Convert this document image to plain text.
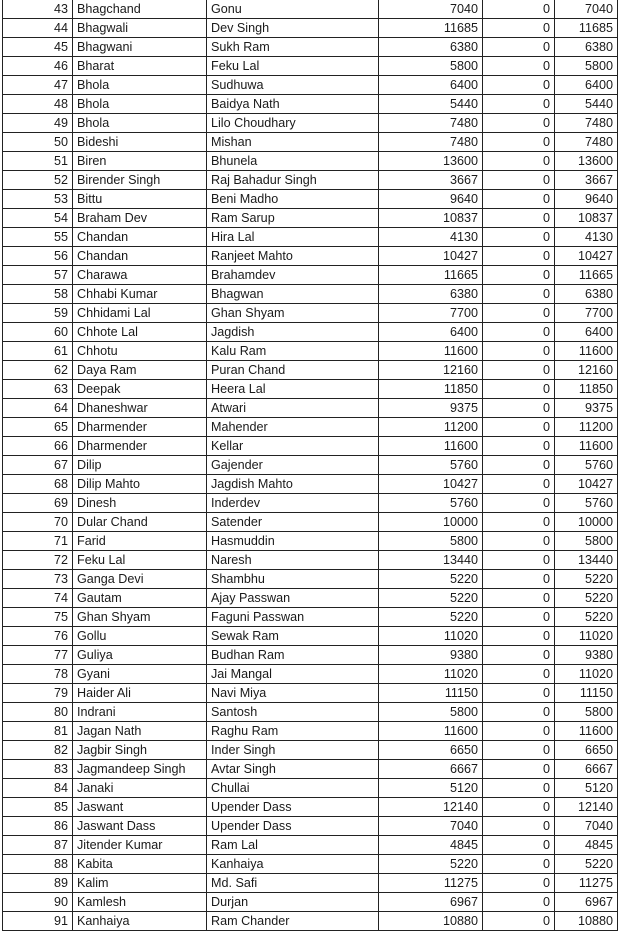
43	Bhagchand	Gonu	7040	0	7040
44	Bhagwali	Dev Singh	11685	0	11685
45	Bhagwani	Sukh Ram	6380	0	6380
46	Bharat	Feku Lal	5800	0	5800
47	Bhola	Sudhuwa	6400	0	6400
48	Bhola	Baidya Nath	5440	0	5440
49	Bhola	Lilo Choudhary	7480	0	7480
50	Bideshi	Mishan	7480	0	7480
51	Biren	Bhunela	13600	0	13600
52	Birender Singh	Raj Bahadur Singh	3667	0	3667
53	Bittu	Beni Madho	9640	0	9640
54	Braham Dev	Ram Sarup	10837	0	10837
55	Chandan	Hira Lal	4130	0	4130
56	Chandan	Ranjeet Mahto	10427	0	10427
57	Charawa	Brahamdev	11665	0	11665
58	Chhabi Kumar	Bhagwan	6380	0	6380
59	Chhidami Lal	Ghan Shyam	7700	0	7700
60	Chhote Lal	Jagdish	6400	0	6400
61	Chhotu	Kalu Ram	11600	0	11600
62	Daya Ram	Puran Chand	12160	0	12160
63	Deepak	Heera Lal	11850	0	11850
64	Dhaneshwar	Atwari	9375	0	9375
65	Dharmender	Mahender	11200	0	11200
66	Dharmender	Kellar	11600	0	11600
67	Dilip	Gajender	5760	0	5760
68	Dilip Mahto	Jagdish Mahto	10427	0	10427
69	Dinesh	Inderdev	5760	0	5760
70	Dular Chand	Satender	10000	0	10000
71	Farid	Hasmuddin	5800	0	5800
72	Feku Lal	Naresh	13440	0	13440
73	Ganga Devi	Shambhu	5220	0	5220
74	Gautam	Ajay Passwan	5220	0	5220
75	Ghan Shyam	Faguni Passwan	5220	0	5220
76	Gollu	Sewak Ram	11020	0	11020
77	Guliya	Budhan Ram	9380	0	9380
78	Gyani	Jai Mangal	11020	0	11020
79	Haider Ali	Navi Miya	11150	0	11150
80	Indrani	Santosh	5800	0	5800
81	Jagan Nath	Raghu Ram	11600	0	11600
82	Jagbir Singh	Inder Singh	6650	0	6650
83	Jagmandeep Singh	Avtar Singh	6667	0	6667
84	Janaki	Chullai	5120	0	5120
85	Jaswant	Upender Dass	12140	0	12140
86	Jaswant Dass	Upender Dass	7040	0	7040
87	Jitender Kumar	Ram Lal	4845	0	4845
88	Kabita	Kanhaiya	5220	0	5220
89	Kalim	Md. Safi	11275	0	11275
90	Kamlesh	Durjan	6967	0	6967
91	Kanhaiya	Ram Chander	10880	0	10880
